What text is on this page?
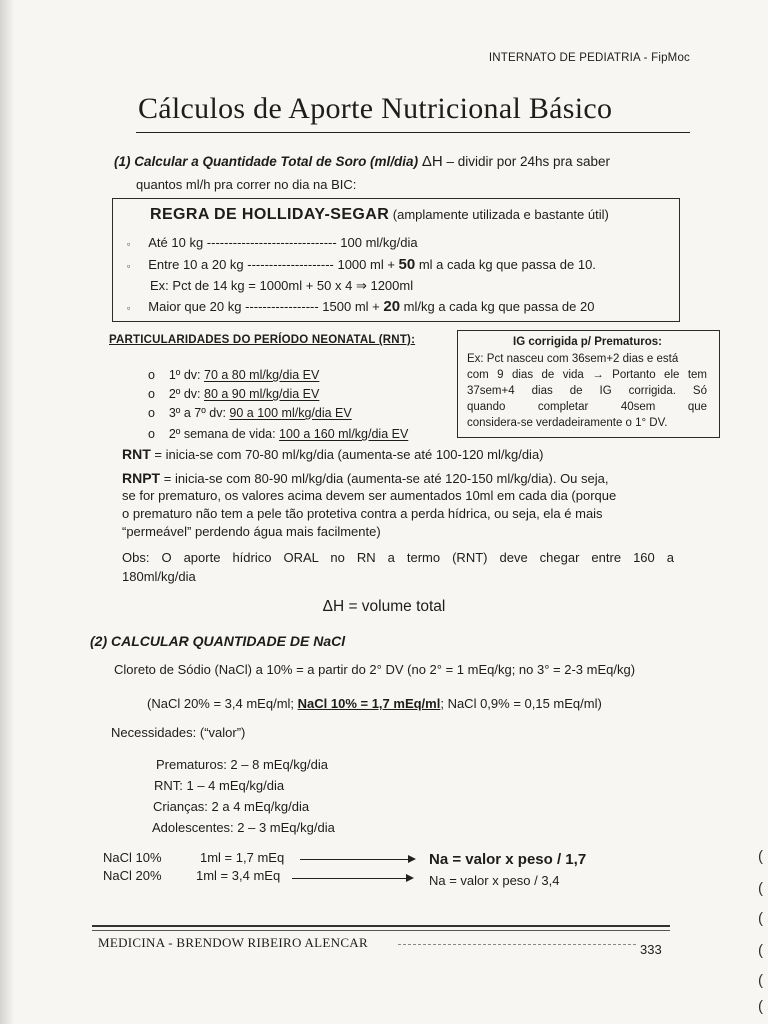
INTERNATO DE PEDIATRIA - FipMoc
Cálculos de Aporte Nutricional Básico
(1) Calcular a Quantidade Total de Soro (ml/dia) ΔH – dividir por 24hs pra saber
quantos ml/h pra correr no dia na BIC:
REGRA DE HOLLIDAY-SEGAR (amplamente utilizada e bastante útil)
▫ Até 10 kg ------------------------------ 100 ml/kg/dia
▫ Entre 10 a 20 kg -------------------- 1000 ml + 50 ml a cada kg que passa de 10.
Ex: Pct de 14 kg = 1000ml + 50 x 4 ⇒ 1200ml
▫ Maior que 20 kg ----------------- 1500 ml + 20 ml/kg a cada kg que passa de 20
PARTICULARIDADES DO PERÍODO NEONATAL (RNT):	IG corrigida p/ Prematuros:
Ex: Pct nasceu com 36sem+2 dias e está
com 9 dias de vida → Portanto ele tem
37sem+4 dias de IG corrigida. Só
quando completar 40sem que
considera-se verdadeiramente o 1° DV.
o 1º dv: 70 a 80 ml/kg/dia EV
o 2º dv: 80 a 90 ml/kg/dia EV
o 3º a 7º dv: 90 a 100 ml/kg/dia EV
o 2º semana de vida: 100 a 160 ml/kg/dia EV
RNT = inicia-se com 70-80 ml/kg/dia (aumenta-se até 100-120 ml/kg/dia)
RNPT = inicia-se com 80-90 ml/kg/dia (aumenta-se até 120-150 ml/kg/dia). Ou seja,
se for prematuro, os valores acima devem ser aumentados 10ml em cada dia (porque
o prematuro não tem a pele tão protetiva contra a perda hídrica, ou seja, ela é mais
“permeável” perdendo água mais facilmente)
Obs: O aporte hídrico ORAL no RN a termo (RNT) deve chegar entre 160 a
180ml/kg/dia
ΔH = volume total
(2) CALCULAR QUANTIDADE DE NaCl
Cloreto de Sódio (NaCl) a 10% = a partir do 2° DV (no 2° = 1 mEq/kg; no 3° = 2-3 mEq/kg)
(NaCl 20% = 3,4 mEq/ml; NaCl 10% = 1,7 mEq/ml; NaCl 0,9% = 0,15 mEq/ml)
Necessidades: (“valor”)
Prematuros: 2 – 8 mEq/kg/dia
RNT: 1 – 4 mEq/kg/dia
Crianças: 2 a 4 mEq/kg/dia
Adolescentes: 2 – 3 mEq/kg/dia
NaCl 10%	1ml = 1,7 mEq	Na = valor x peso / 1,7
NaCl 20%	1ml = 3,4 mEq	Na = valor x peso / 3,4
MEDICINA - BRENDOW RIBEIRO ALENCAR	333
(
(
(
(
(
(
